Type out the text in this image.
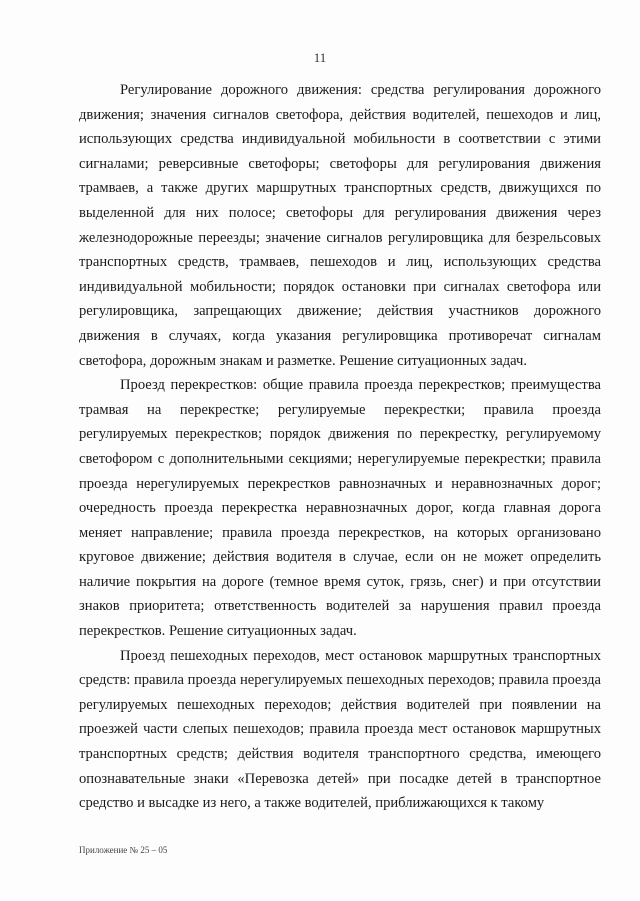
11

Регулирование дорожного движения: средства регулирования дорожного движения; значения сигналов светофора, действия водителей, пешеходов и лиц, использующих средства индивидуальной мобильности в соответствии с этими сигналами; реверсивные светофоры; светофоры для регулирования движения трамваев, а также других маршрутных транспортных средств, движущихся по выделенной для них полосе; светофоры для регулирования движения через железнодорожные переезды; значение сигналов регулировщика для безрельсовых транспортных средств, трамваев, пешеходов и лиц, использующих средства индивидуальной мобильности; порядок остановки при сигналах светофора или регулировщика, запрещающих движение; действия участников дорожного движения в случаях, когда указания регулировщика противоречат сигналам светофора, дорожным знакам и разметке. Решение ситуационных задач.

Проезд перекрестков: общие правила проезда перекрестков; преимущества трамвая на перекрестке; регулируемые перекрестки; правила проезда регулируемых перекрестков; порядок движения по перекрестку, регулируемому светофором с дополнительными секциями; нерегулируемые перекрестки; правила проезда нерегулируемых перекрестков равнозначных и неравнозначных дорог; очередность проезда перекрестка неравнозначных дорог, когда главная дорога меняет направление; правила проезда перекрестков, на которых организовано круговое движение; действия водителя в случае, если он не может определить наличие покрытия на дороге (темное время суток, грязь, снег) и при отсутствии знаков приоритета; ответственность водителей за нарушения правил проезда перекрестков. Решение ситуационных задач.

Проезд пешеходных переходов, мест остановок маршрутных транспортных средств: правила проезда нерегулируемых пешеходных переходов; правила проезда регулируемых пешеходных переходов; действия водителей при появлении на проезжей части слепых пешеходов; правила проезда мест остановок маршрутных транспортных средств; действия водителя транспортного средства, имеющего опознавательные знаки «Перевозка детей» при посадке детей в транспортное средство и высадке из него, а также водителей, приближающихся к такому

Приложение № 25 – 05
